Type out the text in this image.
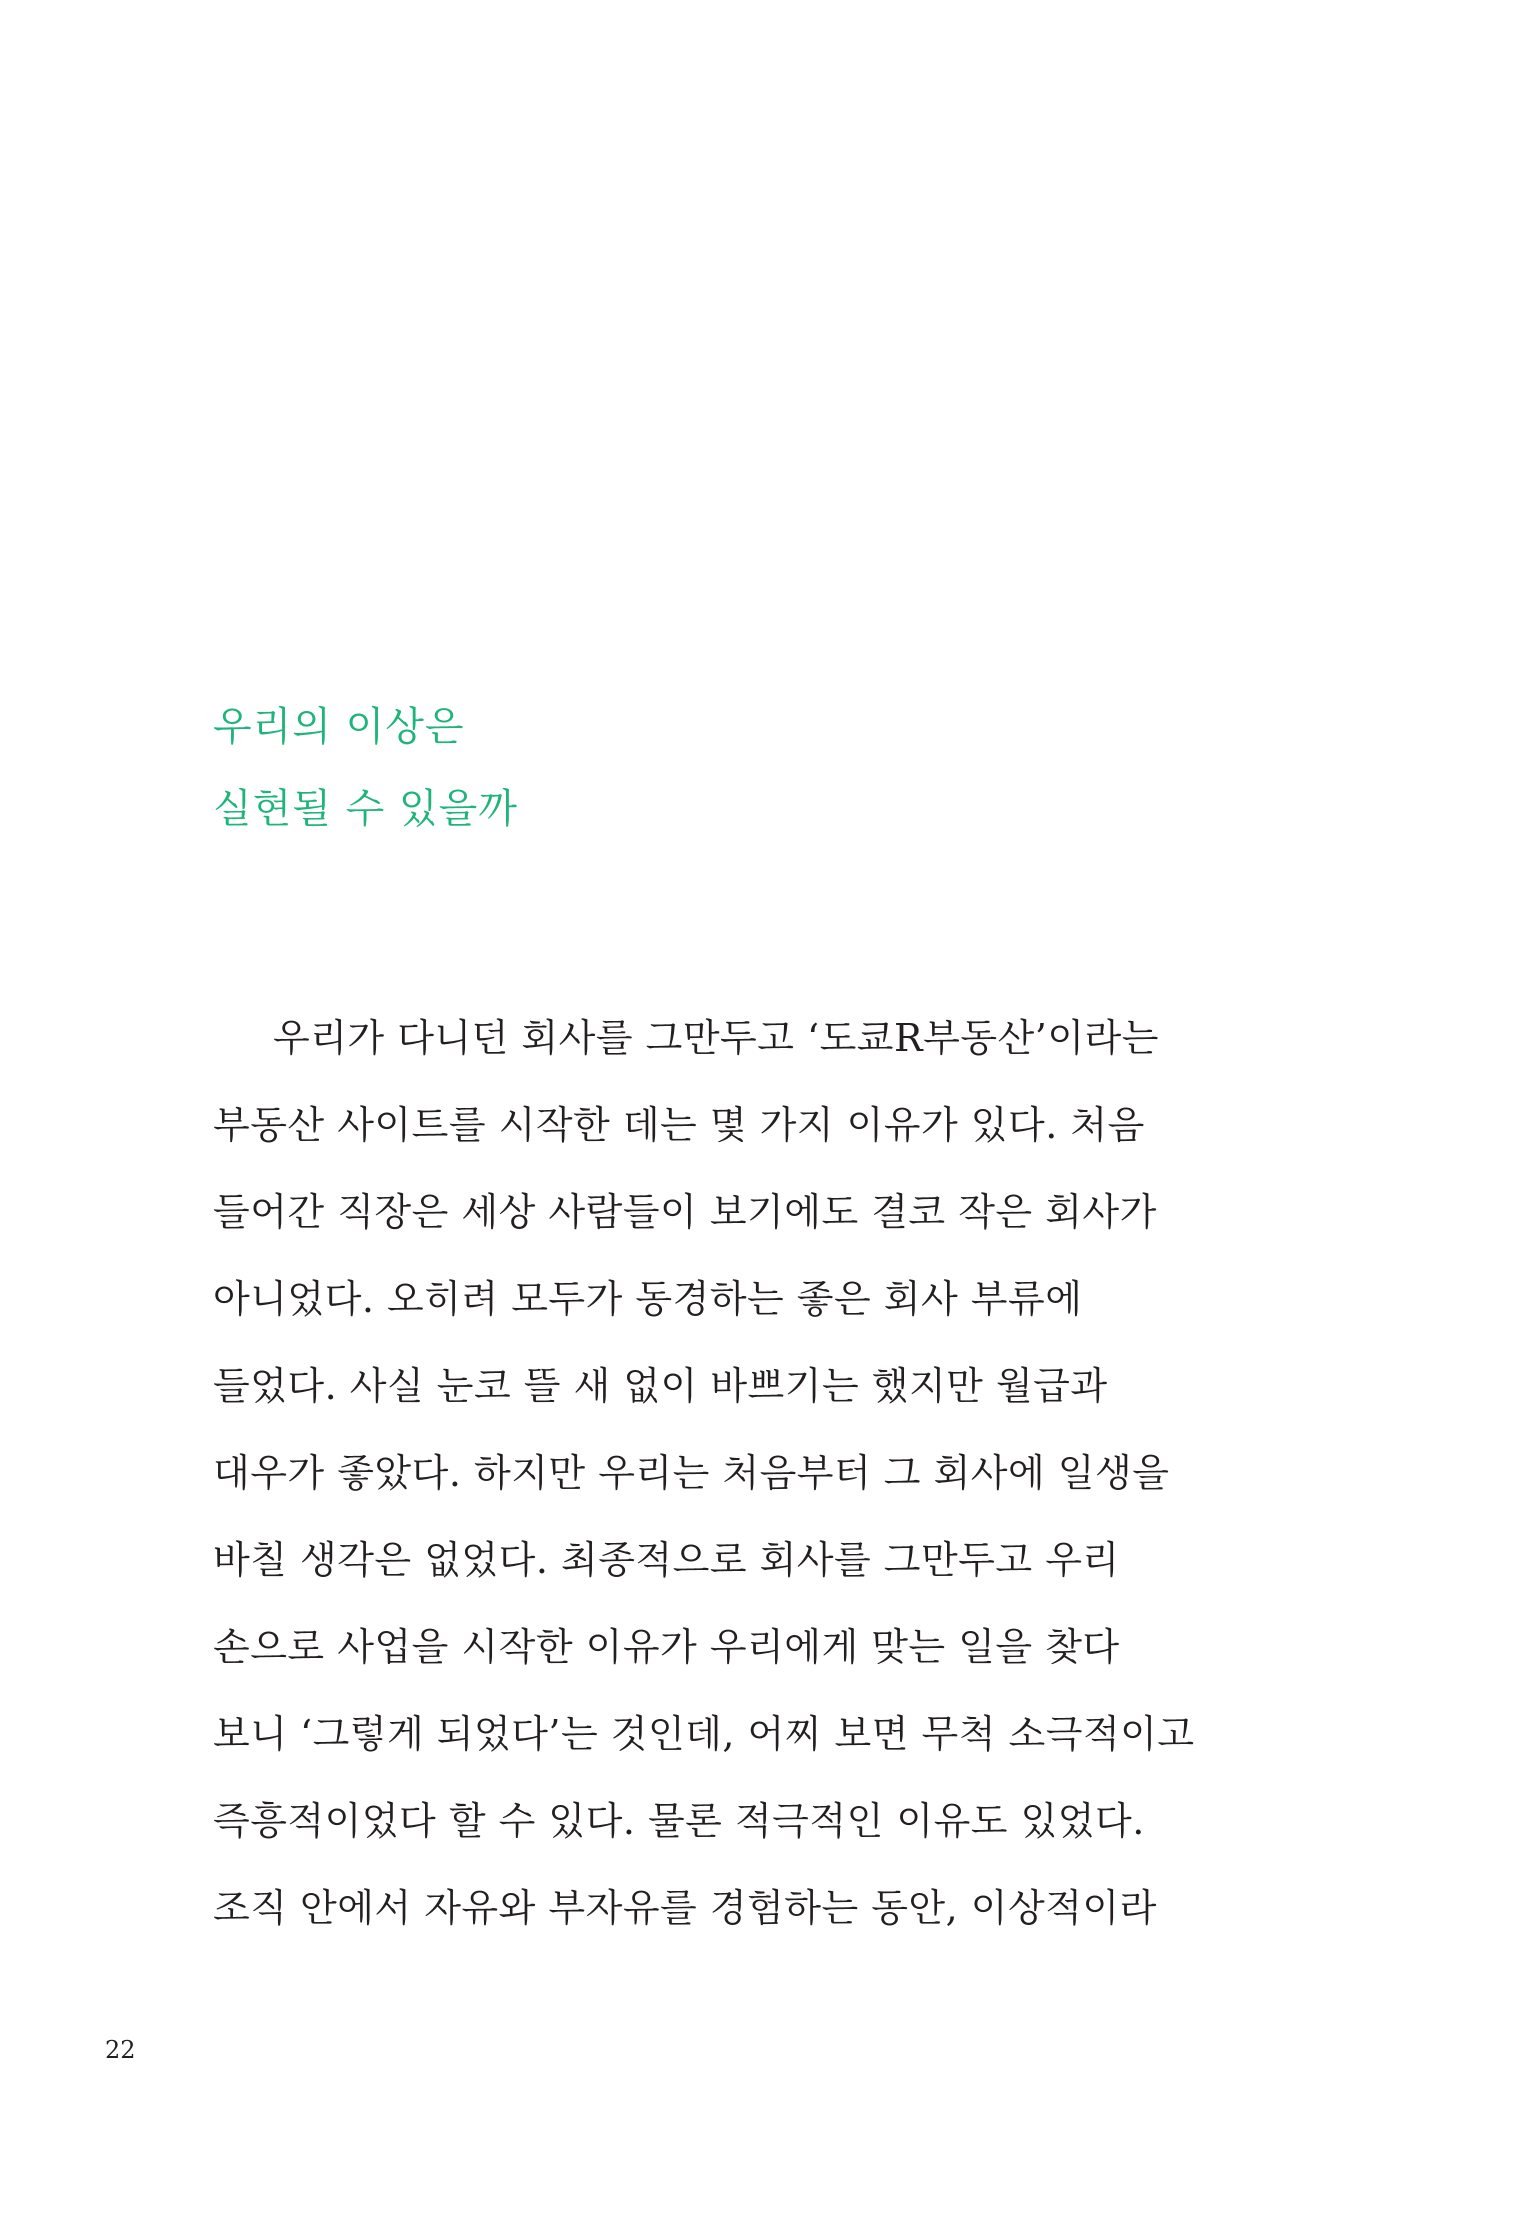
우리의 이상은
실현될 수 있을까
우리가 다니던 회사를 그만두고 ‘도쿄R부동산’이라는
부동산 사이트를 시작한 데는 몇 가지 이유가 있다. 처음
들어간 직장은 세상 사람들이 보기에도 결코 작은 회사가
아니었다. 오히려 모두가 동경하는 좋은 회사 부류에
들었다. 사실 눈코 뜰 새 없이 바쁘기는 했지만 월급과
대우가 좋았다. 하지만 우리는 처음부터 그 회사에 일생을
바칠 생각은 없었다. 최종적으로 회사를 그만두고 우리
손으로 사업을 시작한 이유가 우리에게 맞는 일을 찾다
보니 ‘그렇게 되었다’는 것인데, 어찌 보면 무척 소극적이고
즉흥적이었다 할 수 있다. 물론 적극적인 이유도 있었다.
조직 안에서 자유와 부자유를 경험하는 동안, 이상적이라
22
